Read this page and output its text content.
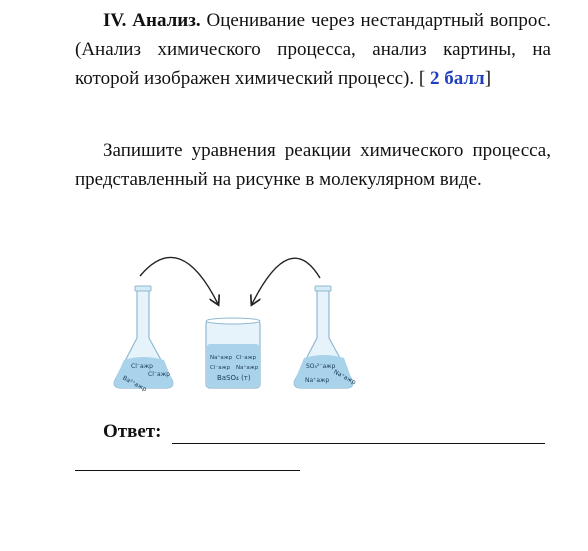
IV. Анализ. Оценивание через нестандартный вопрос. (Анализ химического процесса, анализ картины, на которой изображен химический процесс). [ 2 балл]
Запишите уравнения реакции химического процесса, представленный на рисунке в молекулярном виде.
Cl⁻ажр
Cl⁻ажр
Ba²⁺ажр
Na⁺ажр Cl⁻ажр
Cl⁻ажр Na⁺ажр
BaSO₄ (т)
SO₄²⁻ажр
Na⁺ажр
Na⁺ажр
Ответ:
